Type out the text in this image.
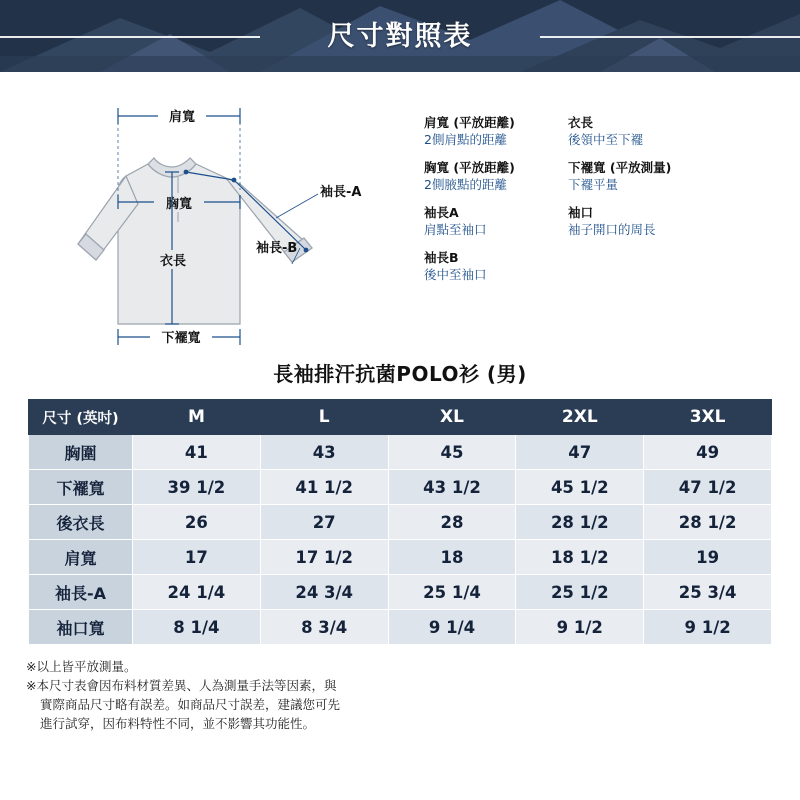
尺寸對照表
肩寬
胸寬
衣長
下襬寬
袖長-A
袖長-B
肩寬 (平放距離)	衣長
2側肩點的距離	後領中至下襬
胸寬 (平放距離)	下襬寬 (平放測量)
2側腋點的距離	下襬平量
袖長A	袖口
肩點至袖口	袖子開口的周長
袖長B
後中至袖口
長袖排汗抗菌POLO衫 (男)
尺寸 (英吋)	M	L	XL	2XL	3XL
胸圍	41	43	45	47	49
下襬寬	39 1/2	41 1/2	43 1/2	45 1/2	47 1/2
後衣長	26	27	28	28 1/2	28 1/2
肩寬	17	17 1/2	18	18 1/2	19
袖長-A	24 1/4	24 3/4	25 1/4	25 1/2	25 3/4
袖口寬	8 1/4	8 3/4	9 1/4	9 1/2	9 1/2
※以上皆平放測量。
※本尺寸表會因布料材質差異、人為測量手法等因素，與
實際商品尺寸略有誤差。如商品尺寸誤差，建議您可先
進行試穿，因布料特性不同，並不影響其功能性。
